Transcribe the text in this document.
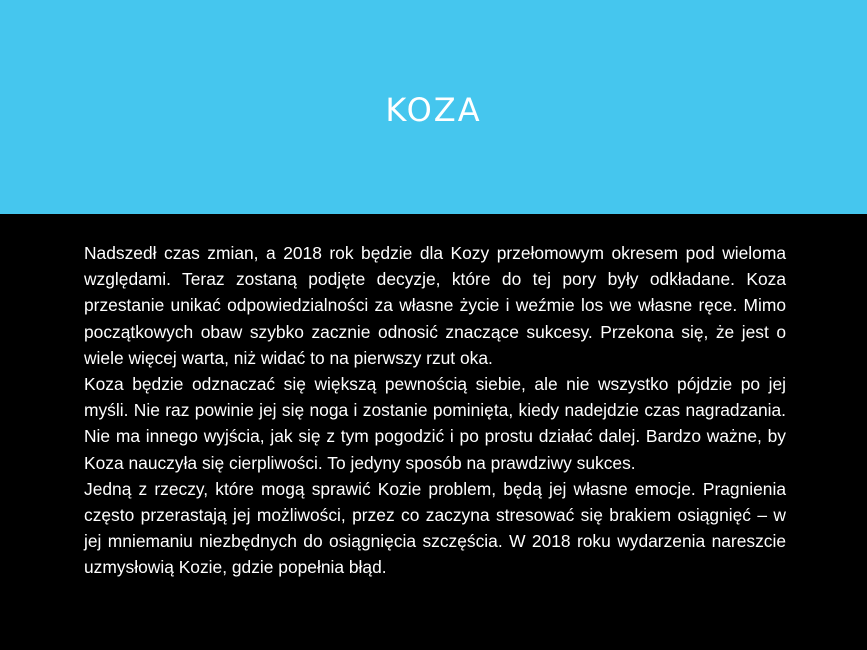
KOZA

Nadszedł czas zmian, a 2018 rok będzie dla Kozy przełomowym okresem pod wieloma względami. Teraz zostaną podjęte decyzje, które do tej pory były odkładane. Koza przestanie unikać odpowiedzialności za własne życie i weźmie los we własne ręce. Mimo początkowych obaw szybko zacznie odnosić znaczące sukcesy. Przekona się, że jest o wiele więcej warta, niż widać to na pierwszy rzut oka.

Koza będzie odznaczać się większą pewnością siebie, ale nie wszystko pójdzie po jej myśli. Nie raz powinie jej się noga i zostanie pominięta, kiedy nadejdzie czas nagradzania. Nie ma innego wyjścia, jak się z tym pogodzić i po prostu działać dalej. Bardzo ważne, by Koza nauczyła się cierpliwości. To jedyny sposób na prawdziwy sukces.

Jedną z rzeczy, które mogą sprawić Kozie problem, będą jej własne emocje. Pragnienia często przerastają jej możliwości, przez co zaczyna stresować się brakiem osiągnięć – w jej mniemaniu niezbędnych do osiągnięcia szczęścia. W 2018 roku wydarzenia nareszcie uzmysłowią Kozie, gdzie popełnia błąd.
